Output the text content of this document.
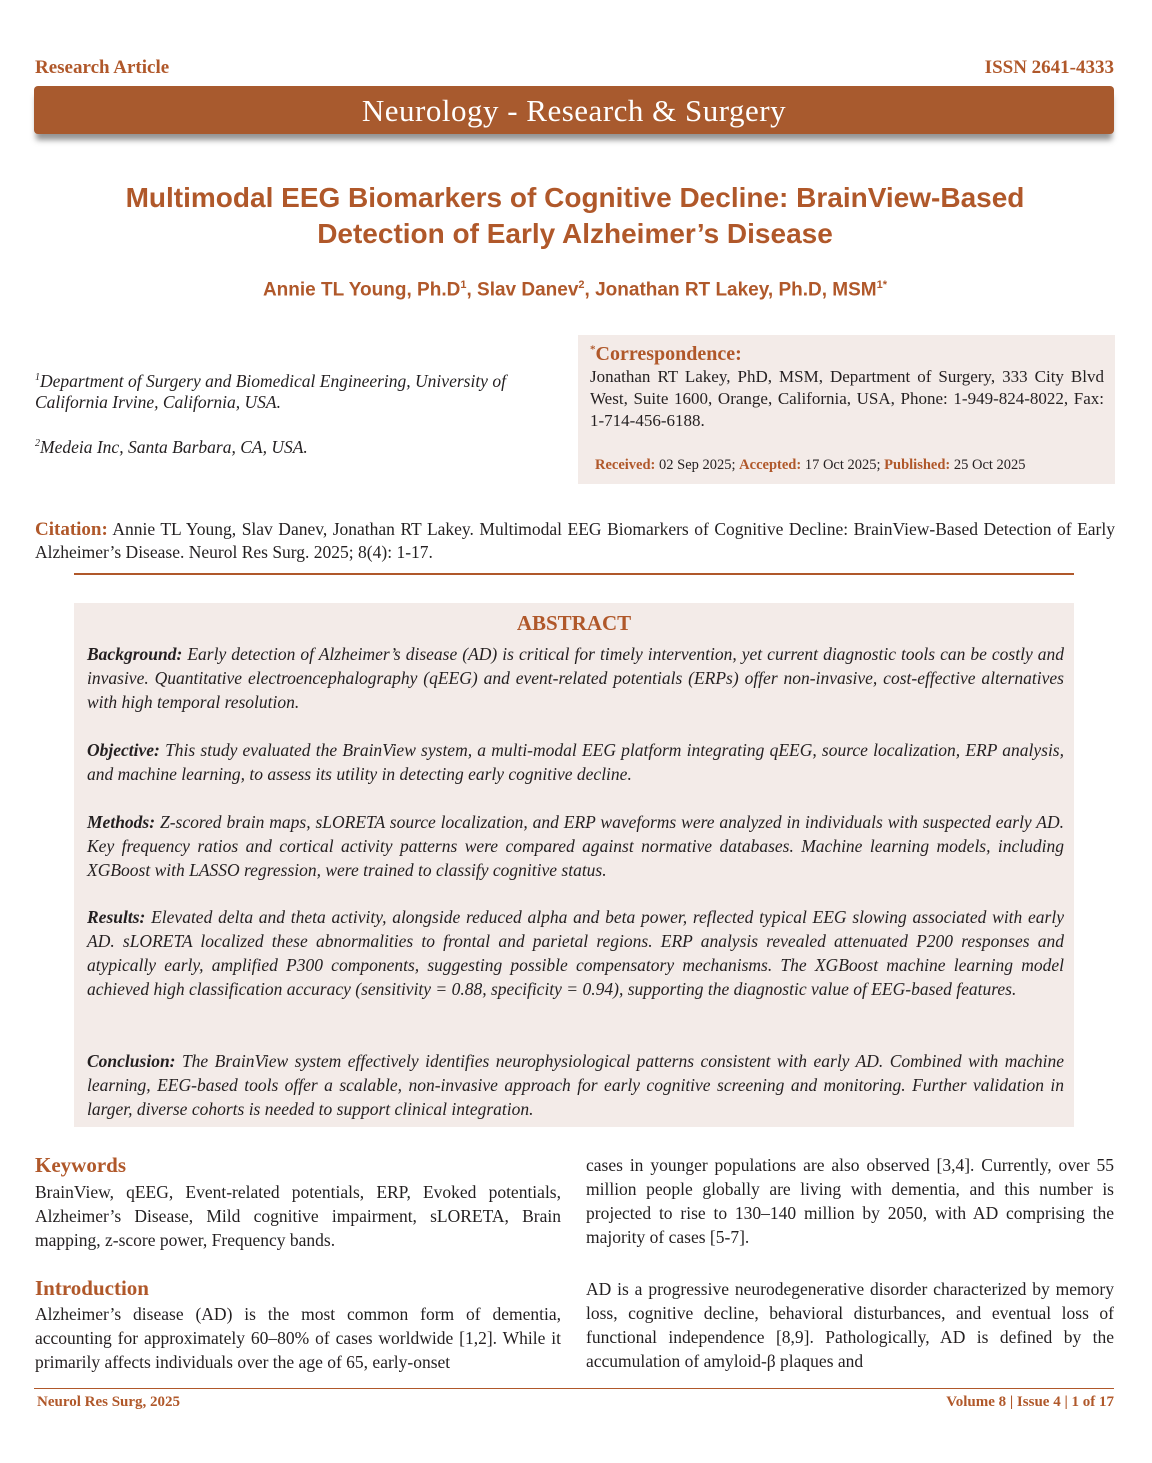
Research Article	ISSN 2641-4333
Neurology - Research & Surgery
Multimodal EEG Biomarkers of Cognitive Decline: BrainView-Based
Detection of Early Alzheimer’s Disease
Annie TL Young, $Ph.D^1$, Slav Danev$^2$, Jonathan RT Lakey, Ph.D, $MSM^{1*}$
$^1$Department of Surgery and Biomedical Engineering, University of California Irvine, California, USA.
$^2$Medeia Inc, Santa Barbara, CA, USA.
*Correspondence:
Jonathan RT Lakey, PhD, MSM, Department of Surgery, 333 City Blvd West, Suite 1600, Orange, California, USA, Phone: 1-949-824-8022, Fax: 1-714-456-6188.
Received: 02 Sep 2025; Accepted: 17 Oct 2025; Published: 25 Oct 2025
Citation: Annie TL Young, Slav Danev, Jonathan RT Lakey. Multimodal EEG Biomarkers of Cognitive Decline: BrainView-Based Detection of Early Alzheimer’s Disease. Neurol Res Surg. 2025; 8(4): 1-17.
ABSTRACT
Background: Early detection of Alzheimer’s disease (AD) is critical for timely intervention, yet current diagnostic tools can be costly and invasive. Quantitative electroencephalography (qEEG) and event-related potentials (ERPs) offer non-invasive, cost-effective alternatives with high temporal resolution.
Objective: This study evaluated the BrainView system, a multi-modal EEG platform integrating qEEG, source localization, ERP analysis, and machine learning, to assess its utility in detecting early cognitive decline.
Methods: Z-scored brain maps, sLORETA source localization, and ERP waveforms were analyzed in individuals with suspected early AD. Key frequency ratios and cortical activity patterns were compared against normative databases. Machine learning models, including XGBoost with LASSO regression, were trained to classify cognitive status.
Results: Elevated delta and theta activity, alongside reduced alpha and beta power, reflected typical EEG slowing associated with early AD. sLORETA localized these abnormalities to frontal and parietal regions. ERP analysis revealed attenuated P200 responses and atypically early, amplified P300 components, suggesting possible compensatory mechanisms. The XGBoost machine learning model achieved high classification accuracy (sensitivity = 0.88, specificity = 0.94), supporting the diagnostic value of EEG-based features.
Conclusion: The BrainView system effectively identifies neurophysiological patterns consistent with early AD. Combined with machine learning, EEG-based tools offer a scalable, non-invasive approach for early cognitive screening and monitoring. Further validation in larger, diverse cohorts is needed to support clinical integration.
Keywords
BrainView, qEEG, Event-related potentials, ERP, Evoked potentials, Alzheimer’s Disease, Mild cognitive impairment, sLORETA, Brain mapping, z-score power, Frequency bands.
Introduction
Alzheimer’s disease (AD) is the most common form of dementia, accounting for approximately 60–80% of cases worldwide [1,2]. While it primarily affects individuals over the age of 65, early-onset
cases in younger populations are also observed [3,4]. Currently, over 55 million people globally are living with dementia, and this number is projected to rise to 130–140 million by 2050, with AD comprising the majority of cases [5-7].
AD is a progressive neurodegenerative disorder characterized by memory loss, cognitive decline, behavioral disturbances, and eventual loss of functional independence [8,9]. Pathologically, AD is defined by the accumulation of amyloid-β plaques and
Neurol Res Surg, 2025	Volume 8 | Issue 4 | 1 of 17
